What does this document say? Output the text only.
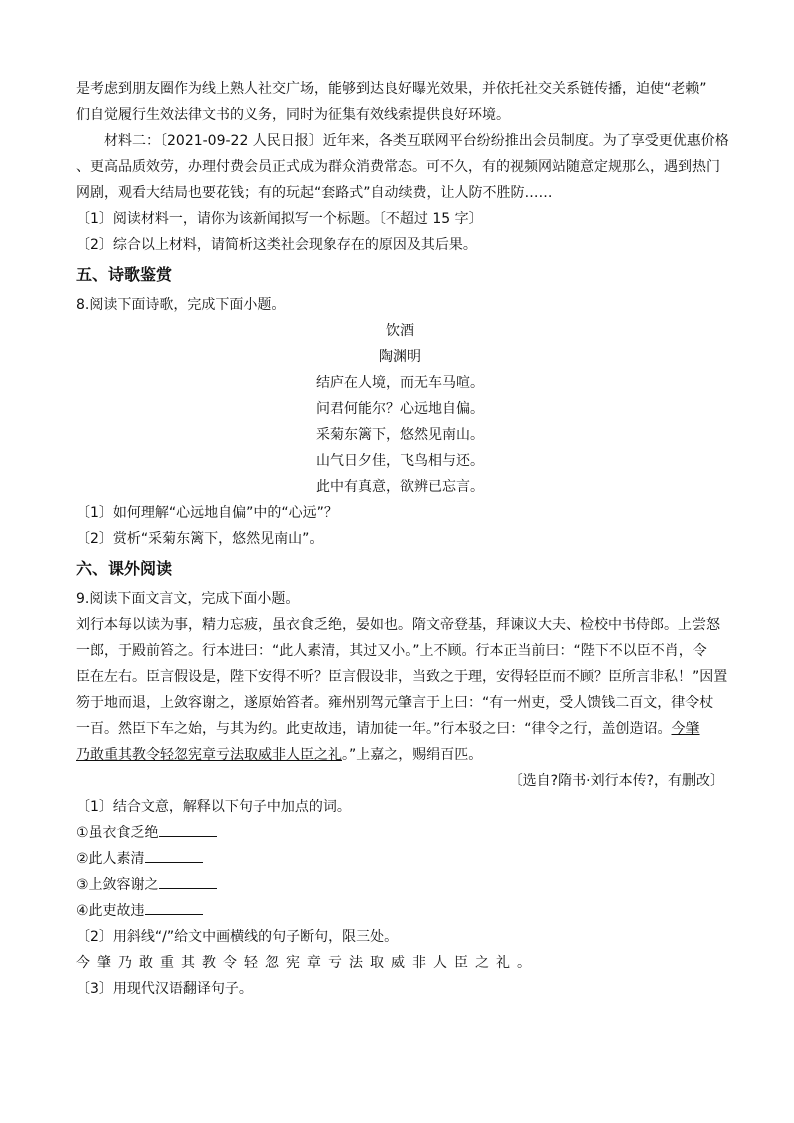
是考虑到朋友圈作为线上熟人社交广场，能够到达良好曝光效果，并依托社交关系链传播，迫使“老赖”
们自觉履行生效法律文书的义务，同时为征集有效线索提供良好环境。
材料二：〔2021-09-22 人民日报〕近年来，各类互联网平台纷纷推出会员制度。为了享受更优惠价格
、更高品质效劳，办理付费会员正式成为群众消费常态。可不久，有的视频网站随意定规那么，遇到热门
网剧，观看大结局也要花钱；有的玩起“套路式”自动续费，让人防不胜防……
〔1〕阅读材料一，请你为该新闻拟写一个标题。〔不超过 15 字〕
〔2〕综合以上材料，请简析这类社会现象存在的原因及其后果。
五、诗歌鉴赏
8.阅读下面诗歌，完成下面小题。
饮酒
陶渊明
结庐在人境，而无车马喧。
问君何能尔？心远地自偏。
采菊东篱下，悠然见南山。
山气日夕佳，飞鸟相与还。
此中有真意，欲辨已忘言。
〔1〕如何理解“心远地自偏”中的“心远”？
〔2〕赏析“采菊东篱下，悠然见南山”。
六、课外阅读
9.阅读下面文言文，完成下面小题。
刘行本每以读为事，精力忘疲，虽衣食乏绝，晏如也。隋文帝登基，拜谏议大夫、检校中书侍郎。上尝怒
一郎，于殿前笞之。行本进曰：“此人素清，其过又小。”上不顾。行本正当前曰：“陛下不以臣不肖，令
臣在左右。臣言假设是，陛下安得不听？臣言假设非，当致之于理，安得轻臣而不顾？臣所言非私！”因置
笏于地而退，上敛容谢之，遂原始笞者。雍州别驾元肇言于上曰：“有一州吏，受人馈钱二百文，律令杖
一百。然臣下车之始，与其为约。此吏故违，请加徒一年。”行本驳之曰：“律令之行，盖创造诏。今肇
乃敢重其教令轻忽宪章亏法取威非人臣之礼。”上嘉之，赐绢百匹。
〔选自?隋书·刘行本传?，有删改〕
〔1〕结合文意，解释以下句子中加点的词。
①虽衣食乏绝
②此人素清
③上敛容谢之
④此吏故违
〔2〕用斜线“/”给文中画横线的句子断句，限三处。
今肇乃敢重其教令轻忽宪章亏法取威非人臣之礼。
〔3〕用现代汉语翻译句子。
